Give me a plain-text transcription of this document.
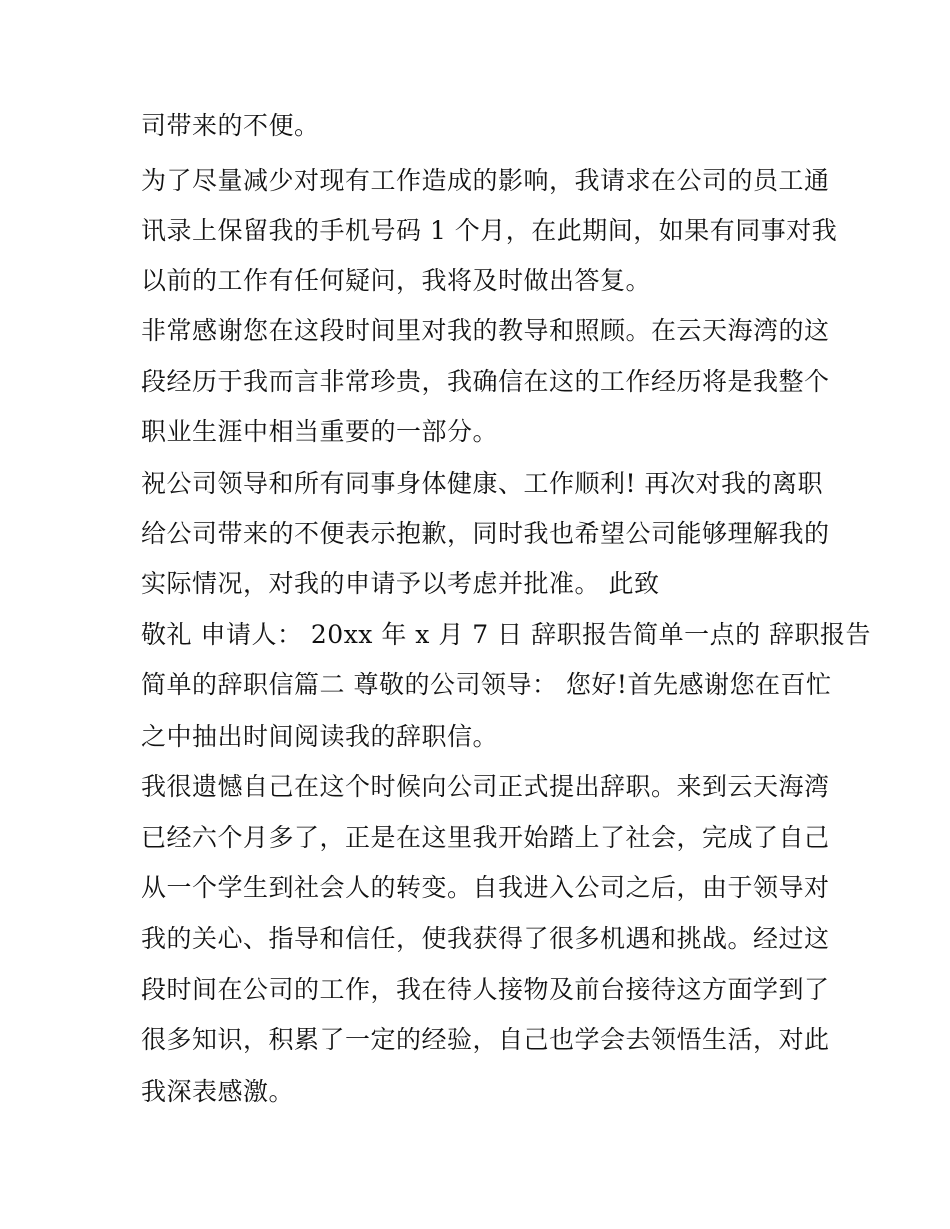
司带来的不便。
为了尽量减少对现有工作造成的影响，我请求在公司的员工通
讯录上保留我的手机号码 1 个月，在此期间，如果有同事对我
以前的工作有任何疑问，我将及时做出答复。
非常感谢您在这段时间里对我的教导和照顾。在云天海湾的这
段经历于我而言非常珍贵，我确信在这的工作经历将是我整个
职业生涯中相当重要的一部分。
祝公司领导和所有同事身体健康、工作顺利! 再次对我的离职
给公司带来的不便表示抱歉，同时我也希望公司能够理解我的
实际情况，对我的申请予以考虑并批准。 此致
敬礼 申请人： 20xx 年 x 月 7 日 辞职报告简单一点的 辞职报告
简单的辞职信篇二 尊敬的公司领导： 您好!首先感谢您在百忙
之中抽出时间阅读我的辞职信。
我很遗憾自己在这个时候向公司正式提出辞职。来到云天海湾
已经六个月多了，正是在这里我开始踏上了社会，完成了自己
从一个学生到社会人的转变。自我进入公司之后，由于领导对
我的关心、指导和信任，使我获得了很多机遇和挑战。经过这
段时间在公司的工作，我在待人接物及前台接待这方面学到了
很多知识，积累了一定的经验，自己也学会去领悟生活，对此
我深表感激。
